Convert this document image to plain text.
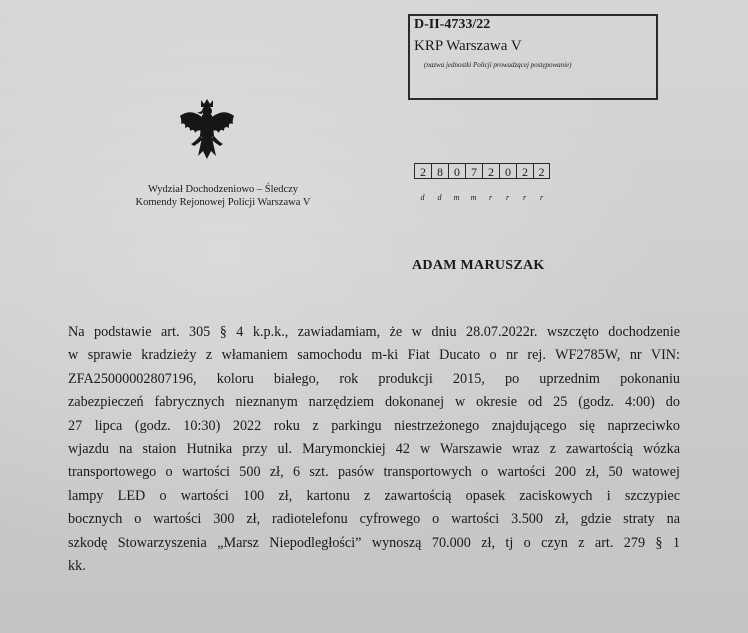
D-II-4733/22
KRP Warszawa V
(nazwa jednostki Policji prowadzącej postępowanie)
Wydział Dochodzeniowo – Śledczy
Komendy Rejonowej Policji Warszawa V
2 8 0 7 2 0 2 2
d	d	m	m	r	r	r	r
ADAM MARUSZAK
Na podstawie art. 305 § 4 k.p.k., zawiadamiam, że w dniu 28.07.2022r. wszczęto dochodzenie
w sprawie kradzieży z włamaniem samochodu m-ki Fiat Ducato o nr rej. WF2785W, nr VIN:
ZFA25000002807196, koloru białego, rok produkcji 2015, po uprzednim pokonaniu
zabezpieczeń fabrycznych nieznanym narzędziem dokonanej w okresie od 25 (godz. 4:00) do
27 lipca (godz. 10:30) 2022 roku z parkingu niestrzeżonego znajdującego się naprzeciwko
wjazdu na staion Hutnika przy ul. Marymonckiej 42 w Warszawie wraz z zawartością wózka
transportowego o wartości 500 zł, 6 szt. pasów transportowych o wartości 200 zł, 50 watowej
lampy LED o wartości 100 zł, kartonu z zawartością opasek zaciskowych i szczypiec
bocznych o wartości 300 zł, radiotelefonu cyfrowego o wartości 3.500 zł, gdzie straty na
szkodę Stowarzyszenia „Marsz Niepodległości” wynoszą 70.000 zł, tj o czyn z art. 279 § 1
kk.
